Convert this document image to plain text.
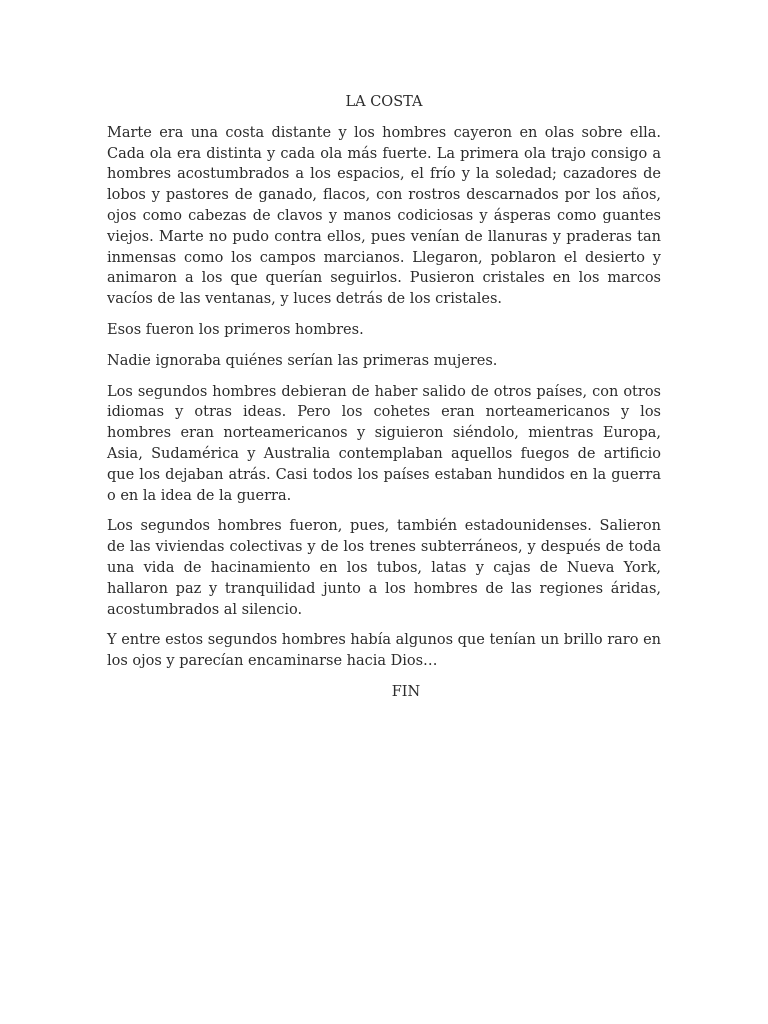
LA COSTA

Marte era una costa distante y los hombres cayeron en olas sobre ella. Cada ola era distinta y cada ola más fuerte. La primera ola trajo consigo a hombres acostumbrados a los espacios, el frío y la soledad; cazadores de lobos y pastores de ganado, flacos, con rostros descarnados por los años, ojos como cabezas de clavos y manos codiciosas y ásperas como guantes viejos. Marte no pudo contra ellos, pues venían de llanuras y praderas tan inmensas como los campos marcianos. Llegaron, poblaron el desierto y animaron a los que querían seguirlos. Pusieron cristales en los marcos vacíos de las ventanas, y luces detrás de los cristales.

Esos fueron los primeros hombres.

Nadie ignoraba quiénes serían las primeras mujeres.

Los segundos hombres debieran de haber salido de otros países, con otros idiomas y otras ideas. Pero los cohetes eran norteamericanos y los hombres eran norteamericanos y siguieron siéndolo, mientras Europa, Asia, Sudamérica y Australia contemplaban aquellos fuegos de artificio que los dejaban atrás. Casi todos los países estaban hundidos en la guerra o en la idea de la guerra.

Los segundos hombres fueron, pues, también estadounidenses. Salieron de las viviendas colectivas y de los trenes subterráneos, y después de toda una vida de hacinamiento en los tubos, latas y cajas de Nueva York, hallaron paz y tranquilidad junto a los hombres de las regiones áridas, acostumbrados al silencio.

Y entre estos segundos hombres había algunos que tenían un brillo raro en los ojos y parecían encaminarse hacia Dios…

FIN
